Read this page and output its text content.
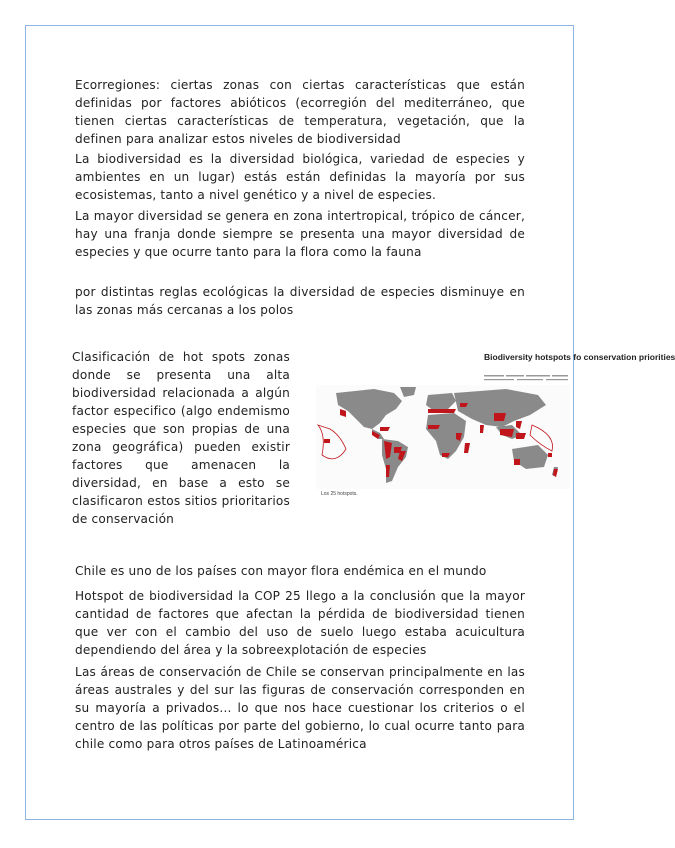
Ecorregiones: ciertas zonas con ciertas características que están definidas por factores abióticos (ecorregión del mediterráneo, que tienen ciertas características de temperatura, vegetación, que la definen para analizar estos niveles de biodiversidad

La biodiversidad es la diversidad biológica, variedad de especies y ambientes en un lugar) estás están definidas la mayoría por sus ecosistemas, tanto a nivel genético y a nivel de especies.

La mayor diversidad se genera en zona intertropical, trópico de cáncer, hay una franja donde siempre se presenta una mayor diversidad de especies y que ocurre tanto para la flora como la fauna

por distintas reglas ecológicas la diversidad de especies disminuye en las zonas más cercanas a los polos

Clasificación de hot spots zonas donde se presenta una alta biodiversidad relacionada a algún factor especifico (algo endemismo especies que son propias de una zona geográfica) pueden existir factores que amenacen la diversidad, en base a esto se clasificaron estos sitios prioritarios de conservación

Biodiversity hotspots fo conservation priorities
Los 25 hotspots.

Chile es uno de los países con mayor flora endémica en el mundo

Hotspot de biodiversidad la COP 25 llego a la conclusión que la mayor cantidad de factores que afectan la pérdida de biodiversidad tienen que ver con el cambio del uso de suelo luego estaba acuicultura dependiendo del área y la sobreexplotación de especies

Las áreas de conservación de Chile se conservan principalmente en las áreas australes y del sur las figuras de conservación corresponden en su mayoría a privados... lo que nos hace cuestionar los criterios o el centro de las políticas por parte del gobierno, lo cual ocurre tanto para chile como para otros países de Latinoamérica
